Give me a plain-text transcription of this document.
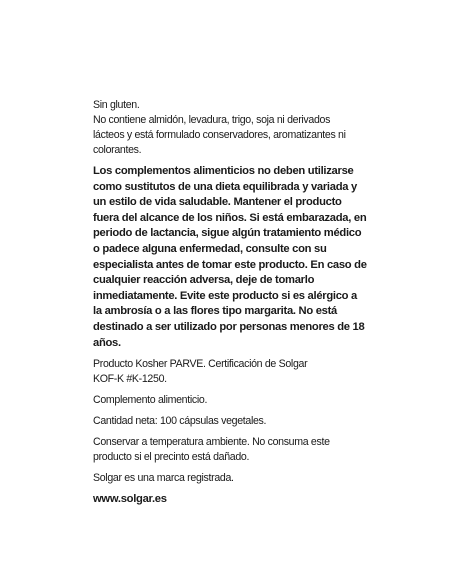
Sin gluten.

No contiene almidón, levadura, trigo, soja ni derivados
lácteos y está formulado conservadores, aromatizantes ni
colorantes.

Los complementos alimenticios no deben utilizarse
como sustitutos de una dieta equilibrada y variada y
un estilo de vida saludable. Mantener el producto
fuera del alcance de los niños. Si está embarazada, en
periodo de lactancia, sigue algún tratamiento médico
o padece alguna enfermedad, consulte con su
especialista antes de tomar este producto. En caso de
cualquier reacción adversa, deje de tomarlo
inmediatamente. Evite este producto si es alérgico a
la ambrosía o a las flores tipo margarita. No está
destinado a ser utilizado por personas menores de 18
años.

Producto Kosher PARVE. Certificación de Solgar
KOF-K #K-1250.

Complemento alimenticio.

Cantidad neta: 100 cápsulas vegetales.

Conservar a temperatura ambiente. No consuma este
producto si el precinto está dañado.

Solgar es una marca registrada.

www.solgar.es
